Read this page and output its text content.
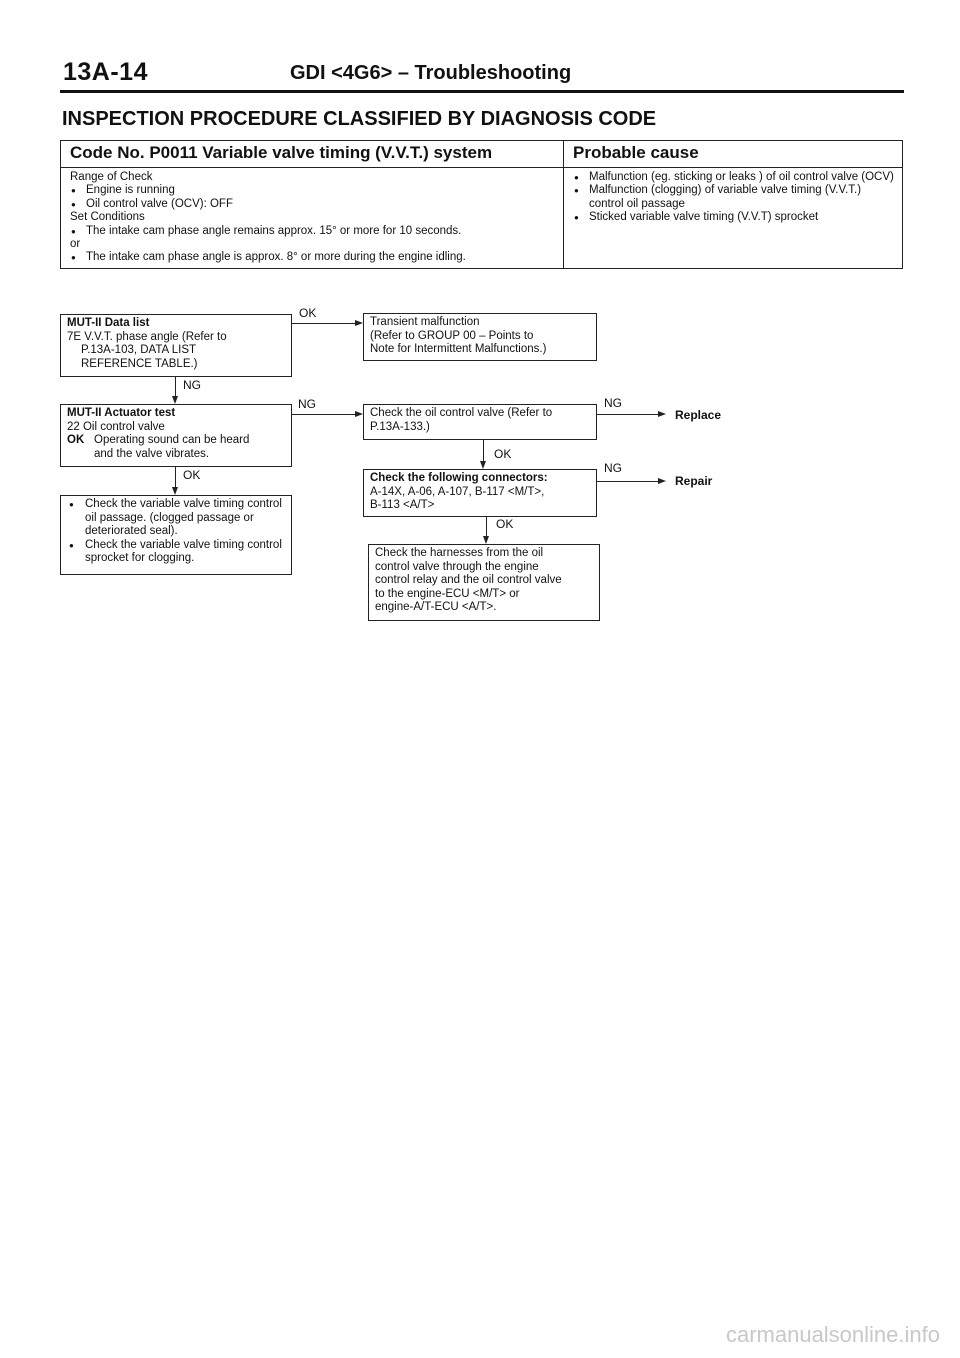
13A-14	GDI <4G6> – Troubleshooting
INSPECTION PROCEDURE CLASSIFIED BY DIAGNOSIS CODE
Code No. P0011 Variable valve timing (V.V.T.) system	Probable cause
Range of Check
● Engine is running
● Oil control valve (OCV): OFF
Set Conditions
● The intake cam phase angle remains approx. 15° or more for 10 seconds.
or
● The intake cam phase angle is approx. 8° or more during the engine idling.
● Malfunction (eg. sticking or leaks ) of oil control valve (OCV)
● Malfunction (clogging) of variable valve timing (V.V.T.) control oil passage
● Sticked variable valve timing (V.V.T) sprocket
MUT-II Data list
7E V.V.T. phase angle (Refer to
P.13A-103, DATA LIST
REFERENCE TABLE.)
Transient malfunction
(Refer to GROUP 00 – Points to
Note for Intermittent Malfunctions.)
MUT-II Actuator test
22 Oil control valve
OK Operating sound can be heard
and the valve vibrates.
Check the oil control valve (Refer to
P.13A-133.)
● Check the variable valve timing control oil passage. (clogged passage or deteriorated seal).
● Check the variable valve timing control sprocket for clogging.
Check the following connectors:
A-14X, A-06, A-107, B-117 <M/T>,
B-113 <A/T>
Check the harnesses from the oil
control valve through the engine
control relay and the oil control valve
to the engine-ECU <M/T> or
engine-A/T-ECU <A/T>.
OK
NG
NG
OK
NG
Replace
OK
NG
Repair
OK
carmanualsonline.info
